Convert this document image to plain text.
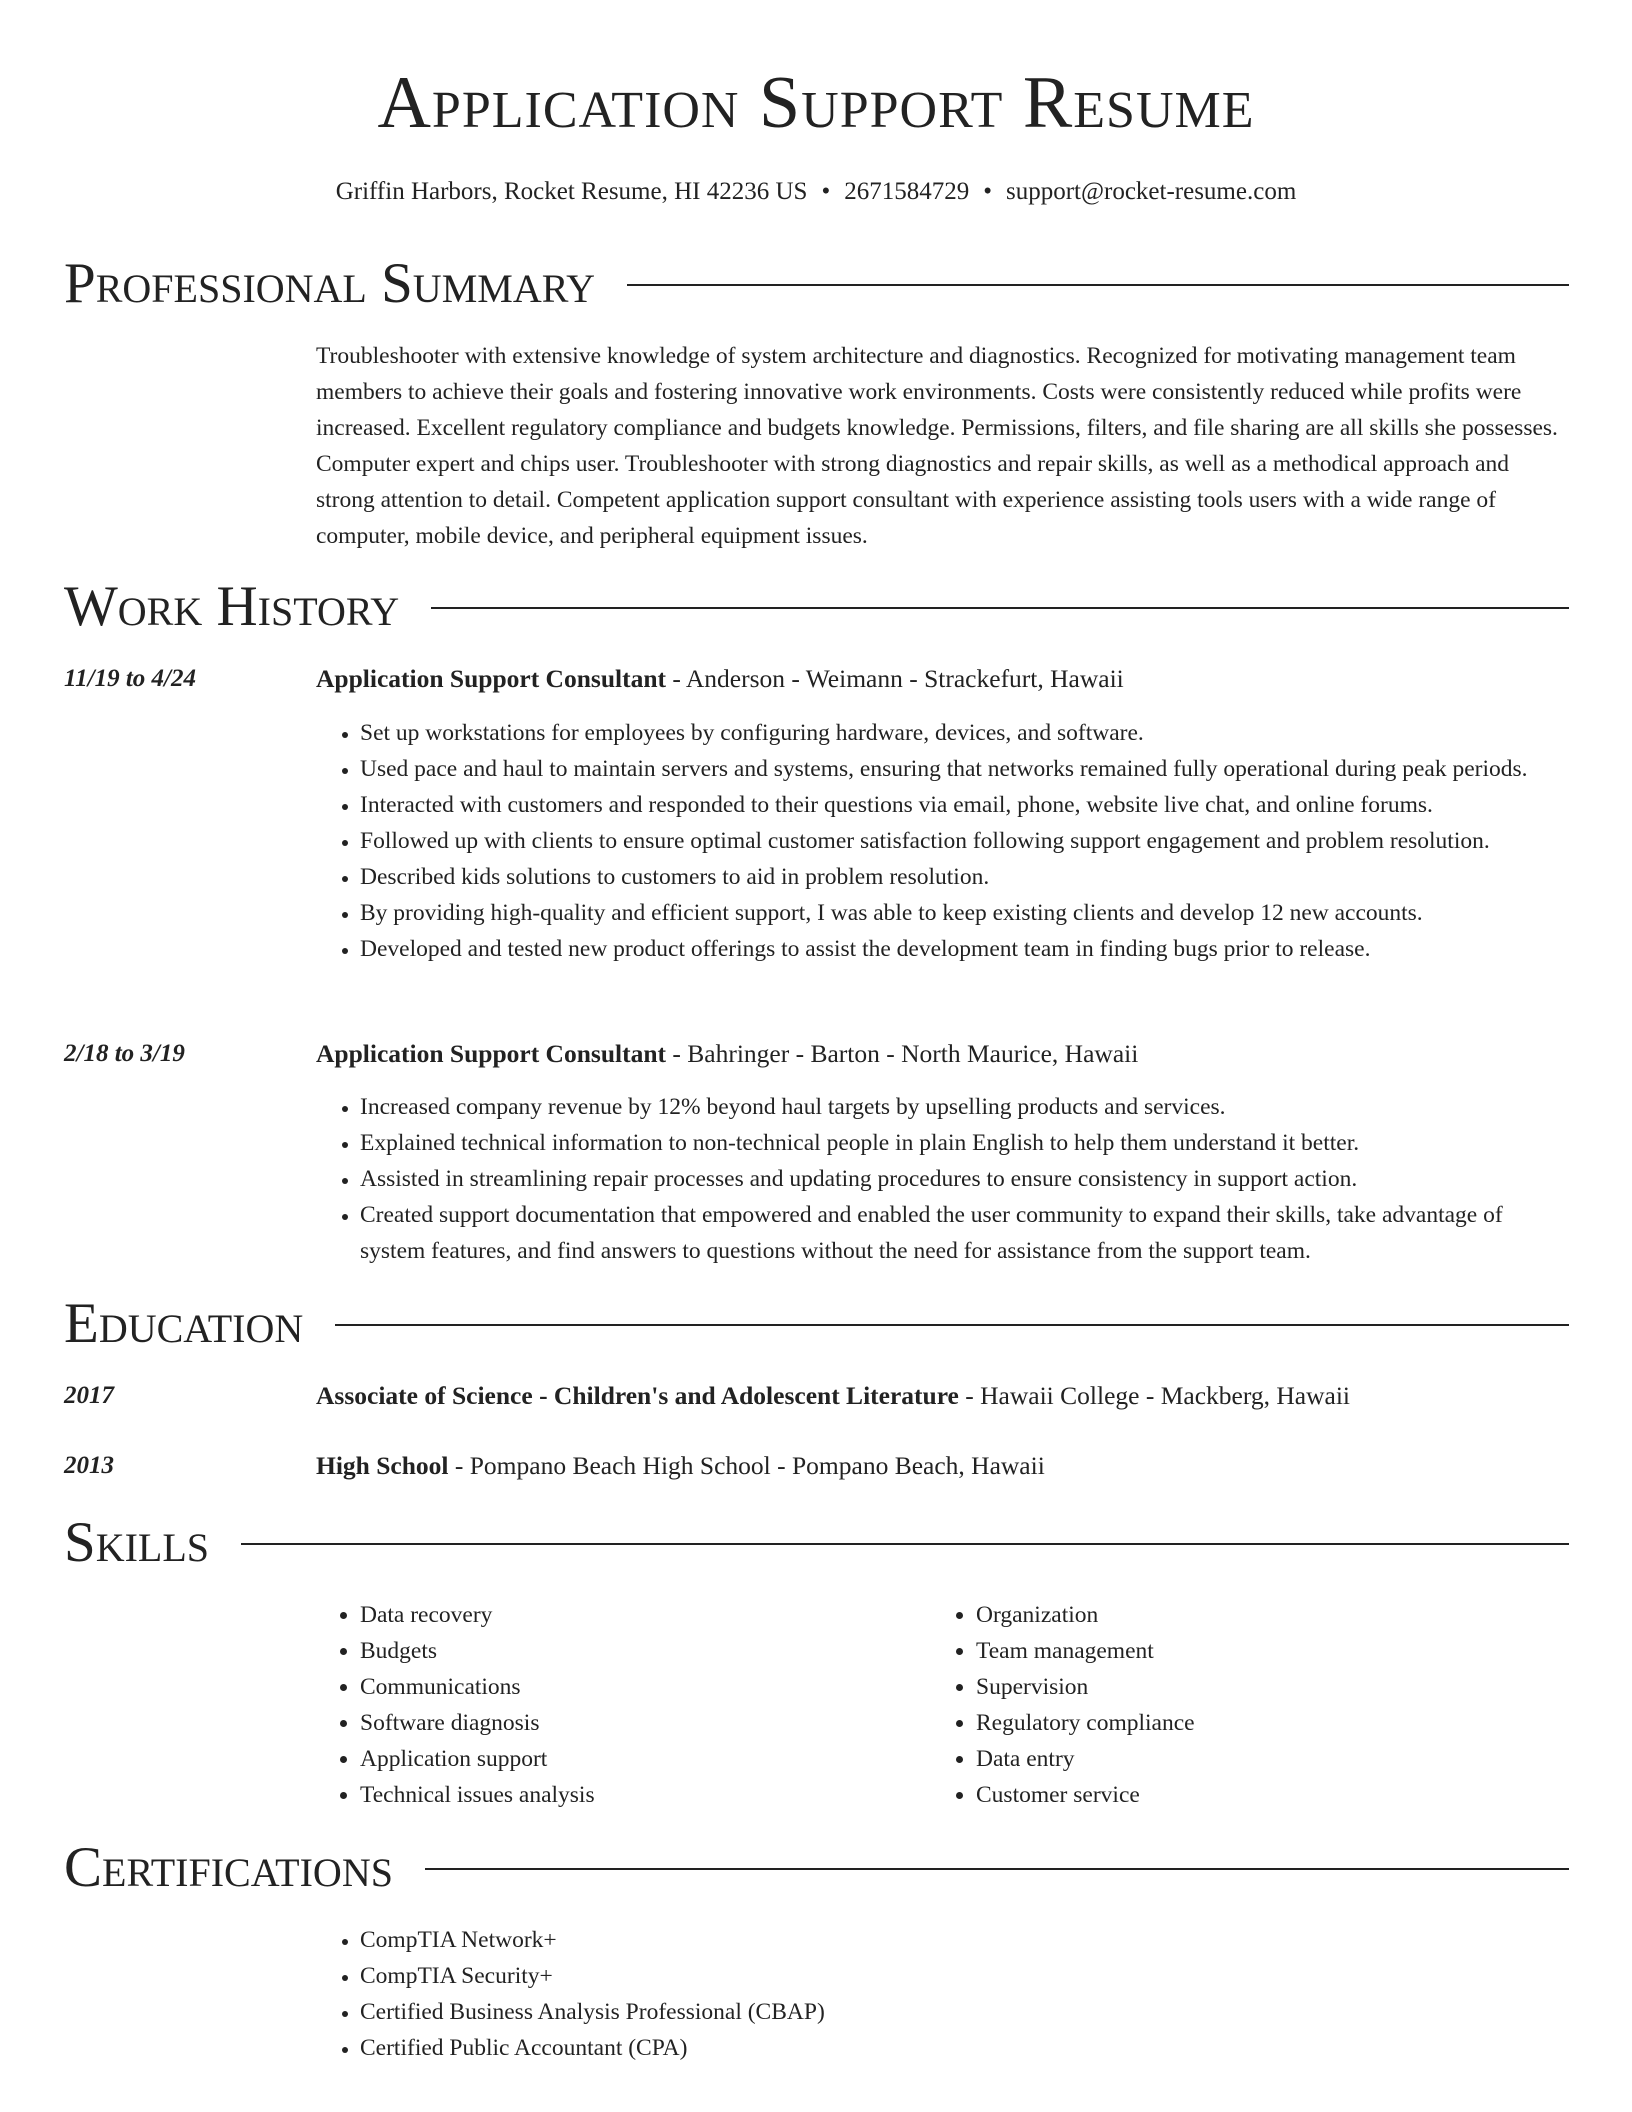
Application Support Resume
Griffin Harbors, Rocket Resume, HI 42236 US • 2671584729 • support@rocket-resume.com
Professional Summary

Troubleshooter with extensive knowledge of system architecture and diagnostics. Recognized for motivating management team members to achieve their goals and fostering innovative work environments. Costs were consistently reduced while profits were increased. Excellent regulatory compliance and budgets knowledge. Permissions, filters, and file sharing are all skills she possesses. Computer expert and chips user. Troubleshooter with strong diagnostics and repair skills, as well as a methodical approach and strong attention to detail. Competent application support consultant with experience assisting tools users with a wide range of computer, mobile device, and peripheral equipment issues.

Work History
11/19 to 4/24	Application Support Consultant - Anderson - Weimann - Strackefurt, Hawaii
• Set up workstations for employees by configuring hardware, devices, and software.
• Used pace and haul to maintain servers and systems, ensuring that networks remained fully operational during peak periods.
• Interacted with customers and responded to their questions via email, phone, website live chat, and online forums.
• Followed up with clients to ensure optimal customer satisfaction following support engagement and problem resolution.
• Described kids solutions to customers to aid in problem resolution.
• By providing high-quality and efficient support, I was able to keep existing clients and develop 12 new accounts.
• Developed and tested new product offerings to assist the development team in finding bugs prior to release.
2/18 to 3/19	Application Support Consultant - Bahringer - Barton - North Maurice, Hawaii
• Increased company revenue by 12% beyond haul targets by upselling products and services.
• Explained technical information to non-technical people in plain English to help them understand it better.
• Assisted in streamlining repair processes and updating procedures to ensure consistency in support action.
• Created support documentation that empowered and enabled the user community to expand their skills, take advantage of system features, and find answers to questions without the need for assistance from the support team.
Education
2017	Associate of Science - Children's and Adolescent Literature - Hawaii College - Mackberg, Hawaii
2013	High School - Pompano Beach High School - Pompano Beach, Hawaii
Skills
• Data recovery
• Budgets
• Communications
• Software diagnosis
• Application support
• Technical issues analysis
• Organization
• Team management
• Supervision
• Regulatory compliance
• Data entry
• Customer service
Certifications
• CompTIA Network+
• CompTIA Security+
• Certified Business Analysis Professional (CBAP)
• Certified Public Accountant (CPA)
